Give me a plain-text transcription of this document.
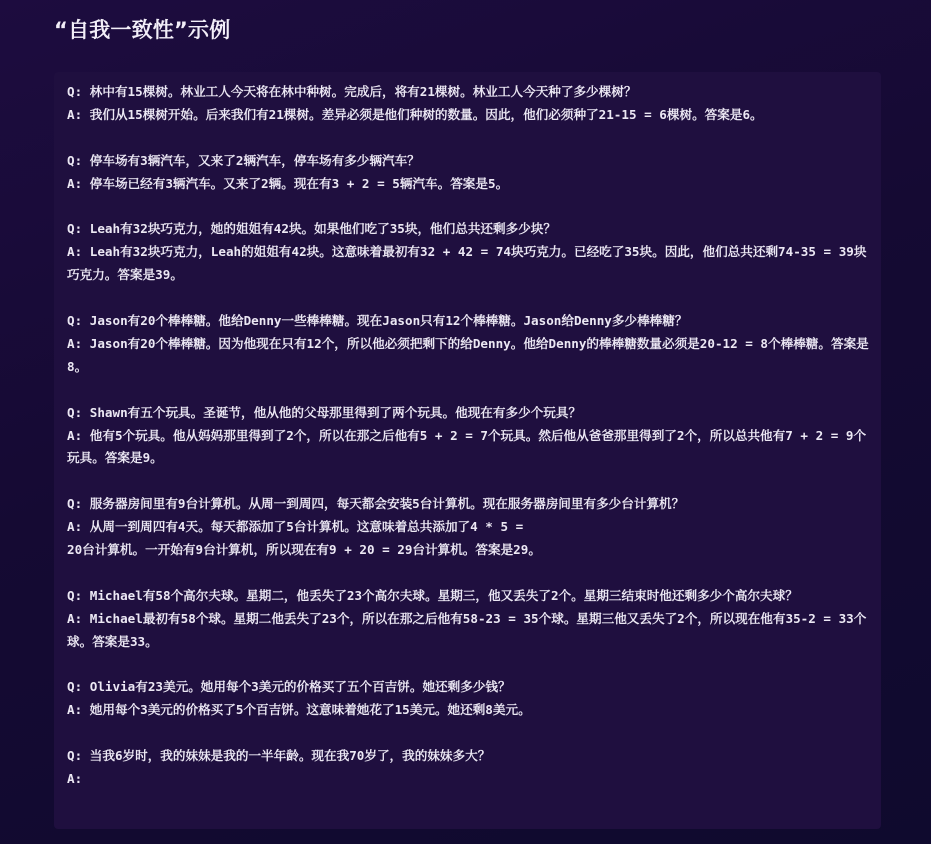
“自我一致性”示例
Q: 林中有15棵树。林业工人今天将在林中种树。完成后，将有21棵树。林业工人今天种了多少棵树？
A: 我们从15棵树开始。后来我们有21棵树。差异必须是他们种树的数量。因此，他们必须种了21-15 = 6棵树。答案是6。
Q: 停车场有3辆汽车，又来了2辆汽车，停车场有多少辆汽车？
A: 停车场已经有3辆汽车。又来了2辆。现在有3 + 2 = 5辆汽车。答案是5。
Q: Leah有32块巧克力，她的姐姐有42块。如果他们吃了35块，他们总共还剩多少块？
A: Leah有32块巧克力，Leah的姐姐有42块。这意味着最初有32 + 42 = 74块巧克力。已经吃了35块。因此，他们总共还剩74-35 = 39块巧克力。答案是39。
Q: Jason有20个棒棒糖。他给Denny一些棒棒糖。现在Jason只有12个棒棒糖。Jason给Denny多少棒棒糖？
A: Jason有20个棒棒糖。因为他现在只有12个，所以他必须把剩下的给Denny。他给Denny的棒棒糖数量必须是20-12 = 8个棒棒糖。答案是8。
Q: Shawn有五个玩具。圣诞节，他从他的父母那里得到了两个玩具。他现在有多少个玩具？
A: 他有5个玩具。他从妈妈那里得到了2个，所以在那之后他有5 + 2 = 7个玩具。然后他从爸爸那里得到了2个，所以总共他有7 + 2 = 9个玩具。答案是9。
Q: 服务器房间里有9台计算机。从周一到周四，每天都会安装5台计算机。现在服务器房间里有多少台计算机？
A: 从周一到周四有4天。每天都添加了5台计算机。这意味着总共添加了4 * 5 =
20台计算机。一开始有9台计算机，所以现在有9 + 20 = 29台计算机。答案是29。
Q: Michael有58个高尔夫球。星期二，他丢失了23个高尔夫球。星期三，他又丢失了2个。星期三结束时他还剩多少个高尔夫球？
A: Michael最初有58个球。星期二他丢失了23个，所以在那之后他有58-23 = 35个球。星期三他又丢失了2个，所以现在他有35-2 = 33个球。答案是33。
Q: Olivia有23美元。她用每个3美元的价格买了五个百吉饼。她还剩多少钱？
A: 她用每个3美元的价格买了5个百吉饼。这意味着她花了15美元。她还剩8美元。
Q: 当我6岁时，我的妹妹是我的一半年龄。现在我70岁了，我的妹妹多大？
A:
